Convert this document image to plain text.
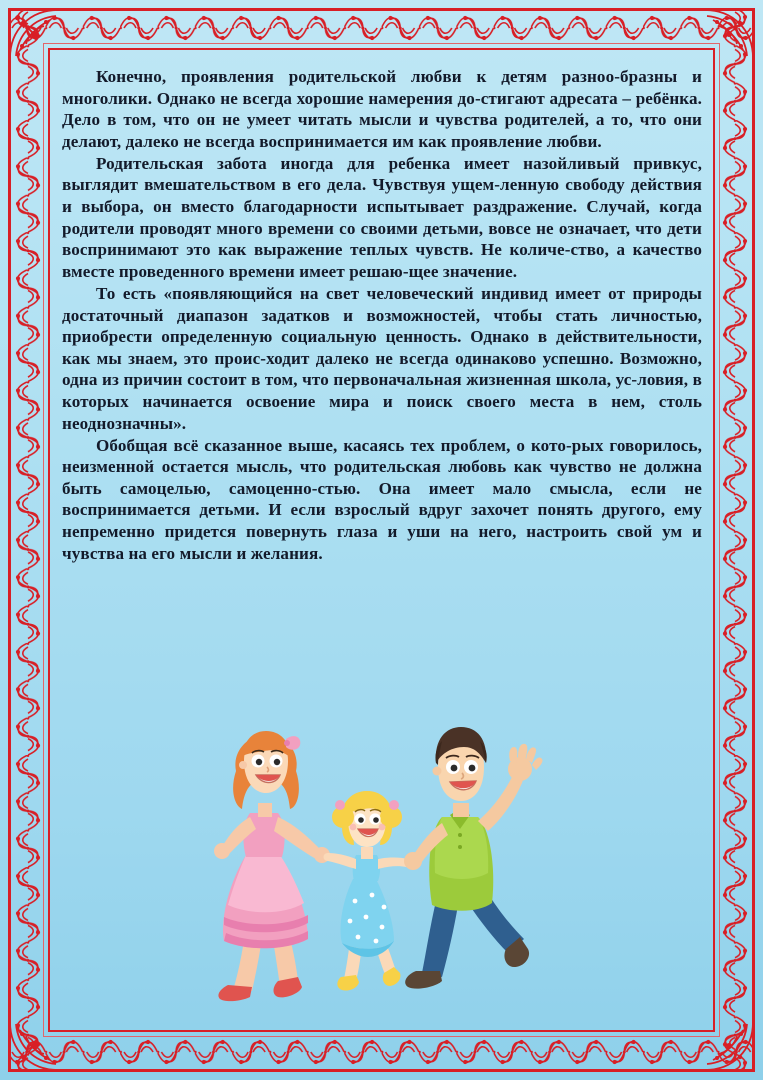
Конечно, проявления родительской любви к детям разноо-бразны и многолики. Однако не всегда хорошие намерения до-стигают адресата – ребёнка. Дело в том, что он не умеет читать мысли и чувства родителей, а то, что они делают, далеко не всегда воспринимается им как проявление любви.

Родительская забота иногда для ребенка имеет назойливый привкус, выглядит вмешательством в его дела. Чувствуя ущем-ленную свободу действия и выбора, он вместо благодарности испытывает раздражение. Случай, когда родители проводят много времени со своими детьми, вовсе не означает, что дети воспринимают это как выражение теплых чувств. Не количе-ство, а качество вместе проведенного времени имеет решаю-щее значение.

То есть «появляющийся на свет человеческий индивид имеет от природы достаточный диапазон задатков и возможностей, чтобы стать личностью, приобрести определенную социальную ценность. Однако в действительности, как мы знаем, это проис-ходит далеко не всегда одинаково успешно. Возможно, одна из причин состоит в том, что первоначальная жизненная школа, ус-ловия, в которых начинается освоение мира и поиск своего места в нем, столь неоднозначны».

Обобщая всё сказанное выше, касаясь тех проблем, о кото-рых говорилось, неизменной остается мысль, что родительская любовь как чувство не должна быть самоцелью, самоценно-стью. Она имеет мало смысла, если не воспринимается детьми. И если взрослый вдруг захочет понять другого, ему непременно придется повернуть глаза и уши на него, настроить свой ум и чувства на его мысли и желания.
